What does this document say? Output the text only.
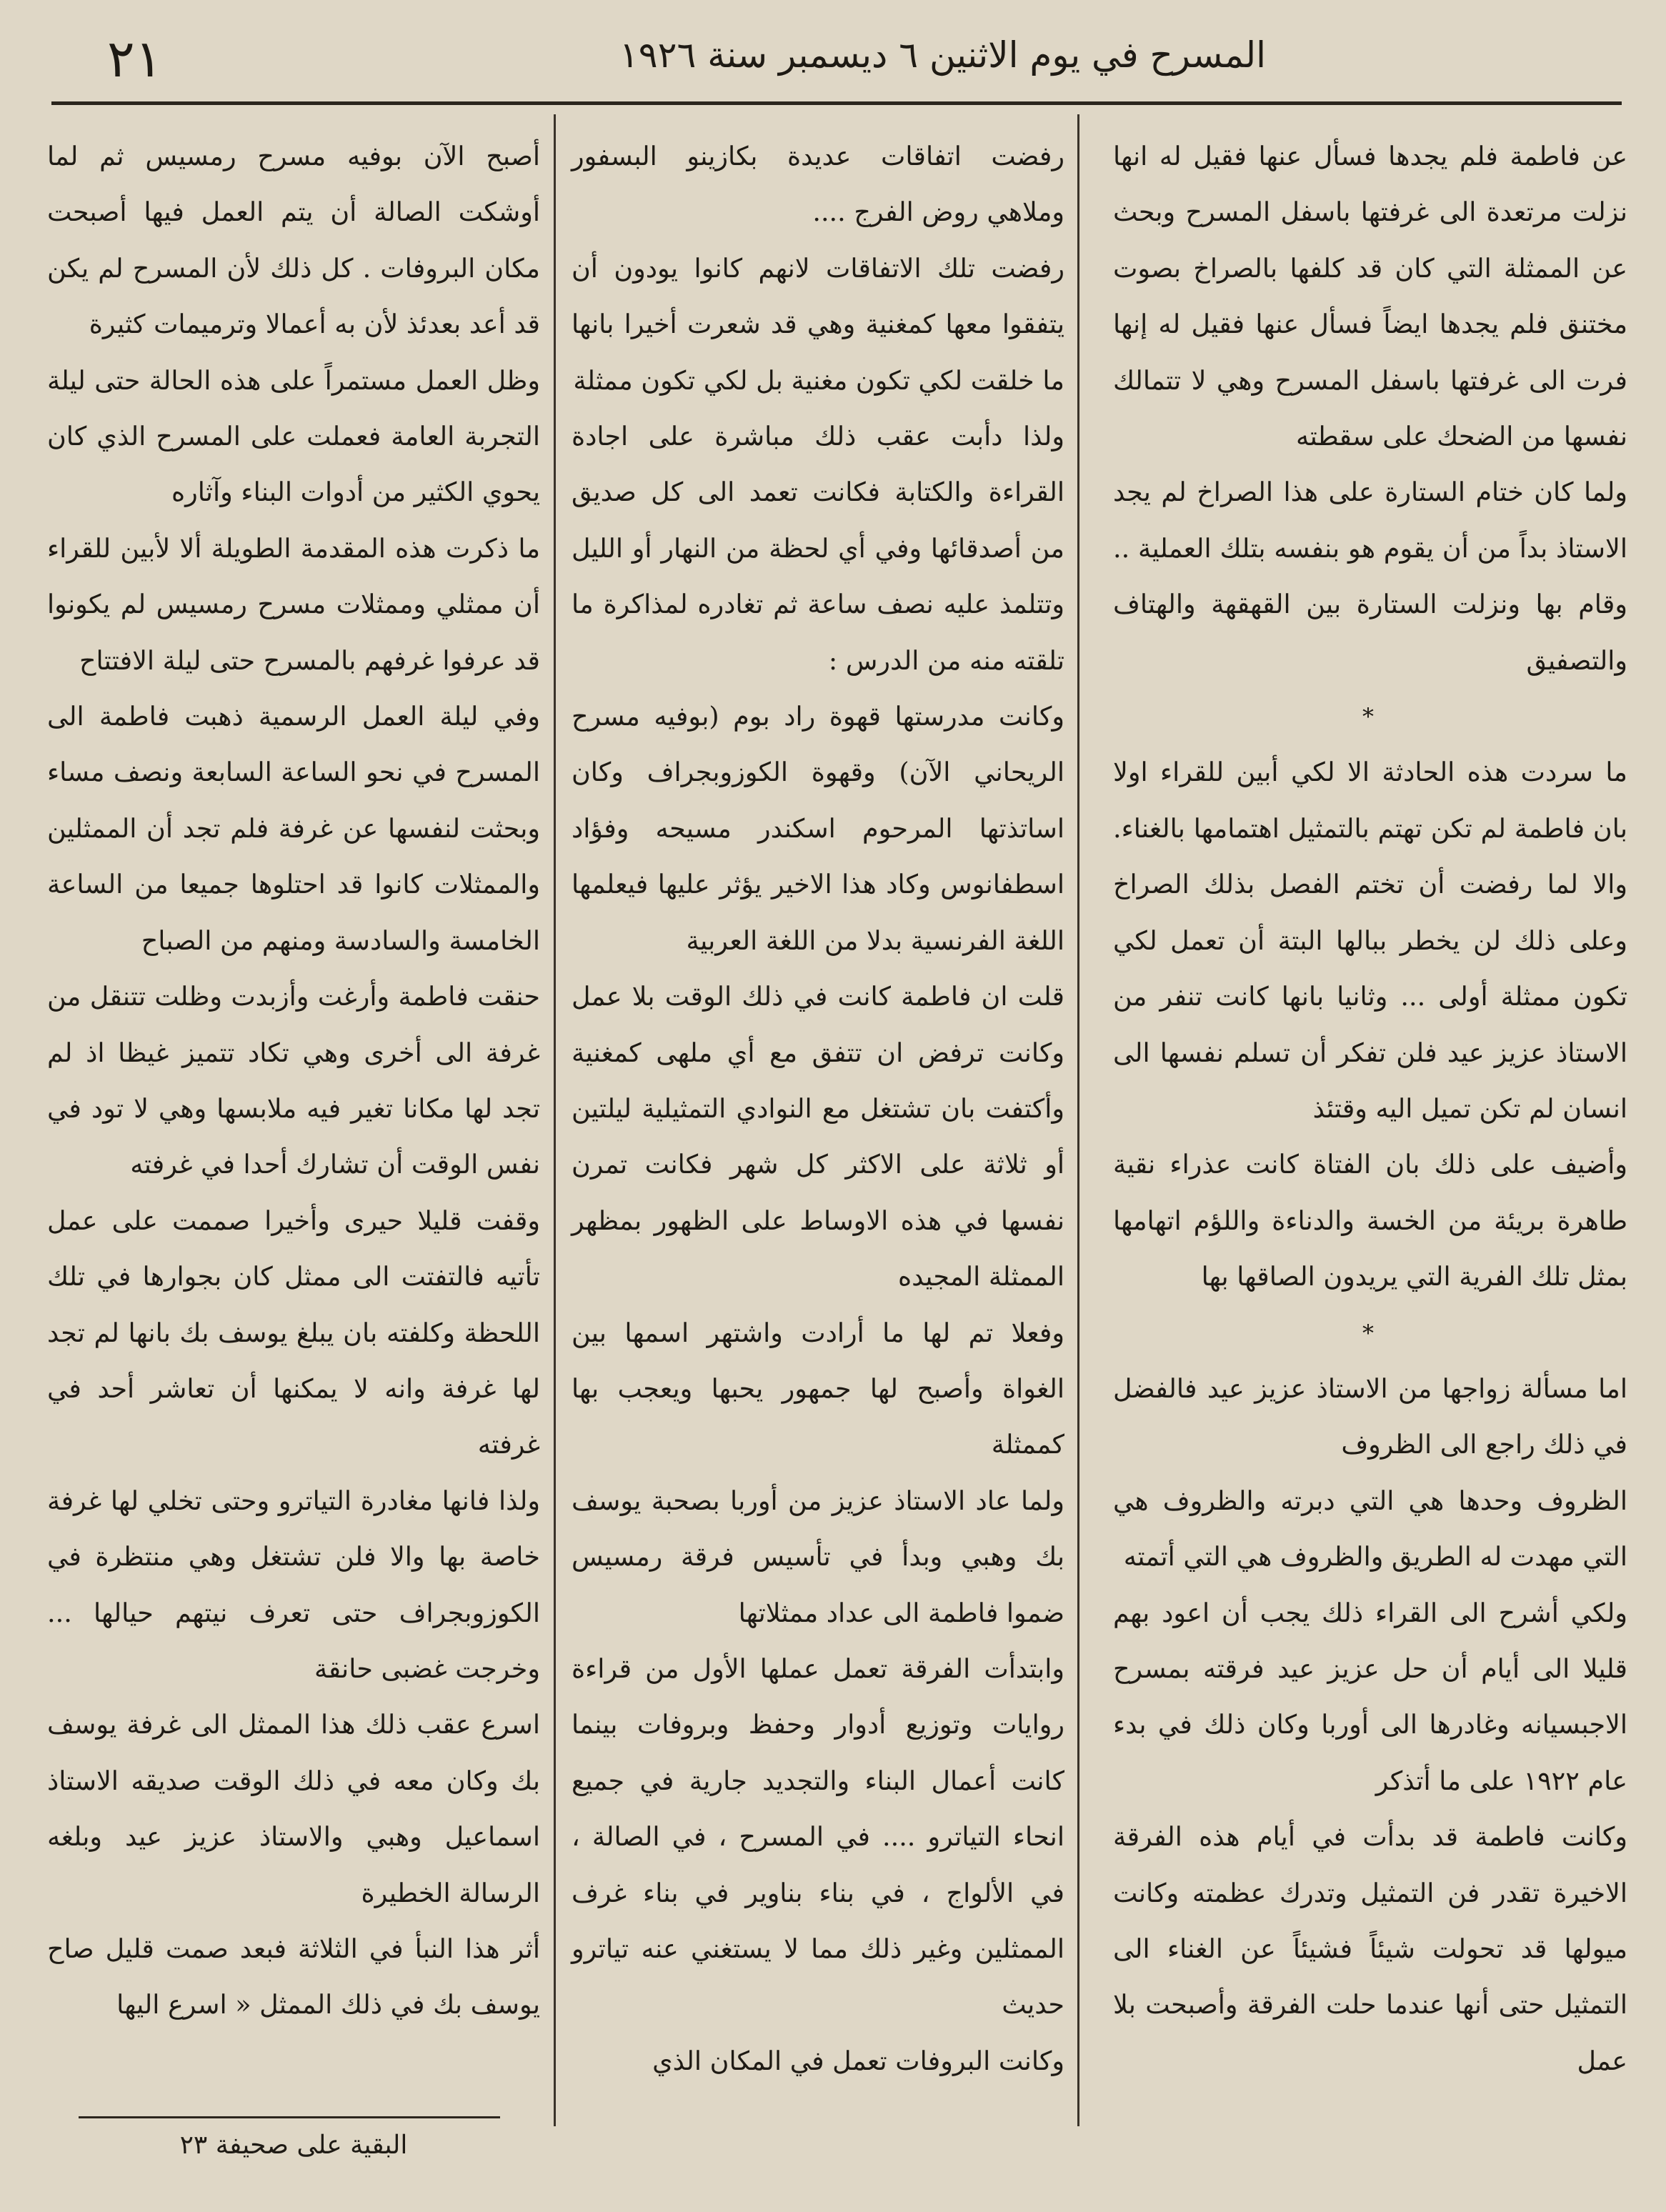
٢١	المسرح في يوم الاثنين ٦ ديسمبر سنة ١٩٢٦

عن فاطمة فلم يجدها فسأل عنها فقيل له انها نزلت مرتعدة الى غرفتها باسفل المسرح وبحث عن الممثلة التي كان قد كلفها بالصراخ بصوت مختنق فلم يجدها ايضاً فسأل عنها فقيل له إنها فرت الى غرفتها باسفل المسرح وهي لا تتمالك نفسها من الضحك على سقطته

ولما كان ختام الستارة على هذا الصراخ لم يجد الاستاذ بداً من أن يقوم هو بنفسه بتلك العملية .. وقام بها ونزلت الستارة بين القهقهة والهتاف والتصفيق

*

ما سردت هذه الحادثة الا لكي أبين للقراء اولا بان فاطمة لم تكن تهتم بالتمثيل اهتمامها بالغناء. والا لما رفضت أن تختم الفصل بذلك الصراخ وعلى ذلك لن يخطر ببالها البتة أن تعمل لكي تكون ممثلة أولى ... وثانيا بانها كانت تنفر من الاستاذ عزيز عيد فلن تفكر أن تسلم نفسها الى انسان لم تكن تميل اليه وقتئذ

وأضيف على ذلك بان الفتاة كانت عذراء نقية طاهرة بريئة من الخسة والدناءة واللؤم اتهامها بمثل تلك الفرية التي يريدون الصاقها بها

*

اما مسألة زواجها من الاستاذ عزيز عيد فالفضل في ذلك راجع الى الظروف

الظروف وحدها هي التي دبرته والظروف هي التي مهدت له الطريق والظروف هي التي أتمته

ولكي أشرح الى القراء ذلك يجب أن اعود بهم قليلا الى أيام أن حل عزيز عيد فرقته بمسرح الاجبسيانه وغادرها الى أوربا وكان ذلك في بدء عام ١٩٢٢ على ما أتذكر

وكانت فاطمة قد بدأت في أيام هذه الفرقة الاخيرة تقدر فن التمثيل وتدرك عظمته وكانت ميولها قد تحولت شيئاً فشيئاً عن الغناء الى التمثيل حتى أنها عندما حلت الفرقة وأصبحت بلا عمل

رفضت اتفاقات عديدة بكازينو البسفور وملاهي روض الفرج ....

رفضت تلك الاتفاقات لانهم كانوا يودون أن يتفقوا معها كمغنية وهي قد شعرت أخيرا بانها ما خلقت لكي تكون مغنية بل لكي تكون ممثلة

ولذا دأبت عقب ذلك مباشرة على اجادة القراءة والكتابة فكانت تعمد الى كل صديق من أصدقائها وفي أي لحظة من النهار أو الليل وتتلمذ عليه نصف ساعة ثم تغادره لمذاكرة ما تلقته منه من الدرس :

وكانت مدرستها قهوة راد بوم (بوفيه مسرح الريحاني الآن) وقهوة الكوزوبجراف وكان اساتذتها المرحوم اسكندر مسيحه وفؤاد اسطفانوس وكاد هذا الاخير يؤثر عليها فيعلمها اللغة الفرنسية بدلا من اللغة العربية

قلت ان فاطمة كانت في ذلك الوقت بلا عمل وكانت ترفض ان تتفق مع أي ملهى كمغنية وأكتفت بان تشتغل مع النوادي التمثيلية ليلتين أو ثلاثة على الاكثر كل شهر فكانت تمرن نفسها في هذه الاوساط على الظهور بمظهر الممثلة المجيده

وفعلا تم لها ما أرادت واشتهر اسمها بين الغواة وأصبح لها جمهور يحبها ويعجب بها كممثلة

ولما عاد الاستاذ عزيز من أوربا بصحبة يوسف بك وهبي وبدأ في تأسيس فرقة رمسيس ضموا فاطمة الى عداد ممثلاتها

وابتدأت الفرقة تعمل عملها الأول من قراءة روايات وتوزيع أدوار وحفظ وبروفات بينما كانت أعمال البناء والتجديد جارية في جميع انحاء التياترو .... في المسرح ، في الصالة ، في الألواج ، في بناء بناوير في بناء غرف الممثلين وغير ذلك مما لا يستغني عنه تياترو حديث

وكانت البروفات تعمل في المكان الذي

أصبح الآن بوفيه مسرح رمسيس ثم لما أوشكت الصالة أن يتم العمل فيها أصبحت مكان البروفات . كل ذلك لأن المسرح لم يكن قد أعد بعدئذ لأن به أعمالا وترميمات كثيرة

وظل العمل مستمراً على هذه الحالة حتى ليلة التجربة العامة فعملت على المسرح الذي كان يحوي الكثير من أدوات البناء وآثاره

ما ذكرت هذه المقدمة الطويلة ألا لأبين للقراء أن ممثلي وممثلات مسرح رمسيس لم يكونوا قد عرفوا غرفهم بالمسرح حتى ليلة الافتتاح

وفي ليلة العمل الرسمية ذهبت فاطمة الى المسرح في نحو الساعة السابعة ونصف مساء وبحثت لنفسها عن غرفة فلم تجد أن الممثلين والممثلات كانوا قد احتلوها جميعا من الساعة الخامسة والسادسة ومنهم من الصباح

حنقت فاطمة وأرغت وأزبدت وظلت تتنقل من غرفة الى أخرى وهي تكاد تتميز غيظا اذ لم تجد لها مكانا تغير فيه ملابسها وهي لا تود في نفس الوقت أن تشارك أحدا في غرفته

وقفت قليلا حيرى وأخيرا صممت على عمل تأتيه فالتفتت الى ممثل كان بجوارها في تلك اللحظة وكلفته بان يبلغ يوسف بك بانها لم تجد لها غرفة وانه لا يمكنها أن تعاشر أحد في غرفته

ولذا فانها مغادرة التياترو وحتى تخلي لها غرفة خاصة بها والا فلن تشتغل وهي منتظرة في الكوزوبجراف حتى تعرف نيتهم حيالها ... وخرجت غضبى حانقة

اسرع عقب ذلك هذا الممثل الى غرفة يوسف بك وكان معه في ذلك الوقت صديقه الاستاذ اسماعيل وهبي والاستاذ عزيز عيد وبلغه الرسالة الخطيرة

أثر هذا النبأ في الثلاثة فبعد صمت قليل صاح يوسف بك في ذلك الممثل « اسرع اليها

البقية على صحيفة ٢٣
